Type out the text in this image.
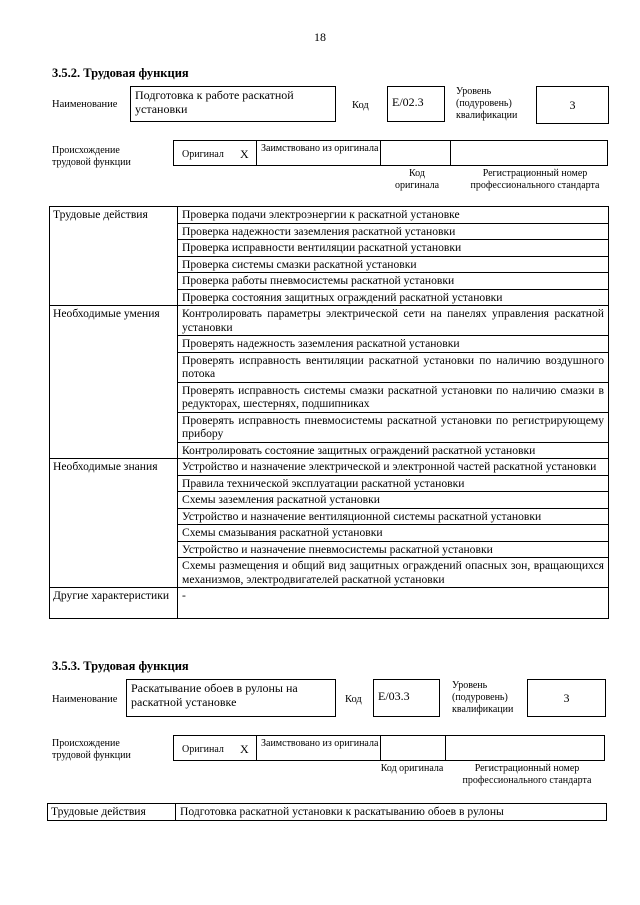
18
3.5.2. Трудовая функция
Наименование
Подготовка к работе раскатной установки	Код	E/02.3
Уровень (подуровень) квалификации
3
Происхождение трудовой функции
Оригинал X Заимствовано из оригинала
Код оригинала
Регистрационный номер профессионального стандарта
Трудовые действия	Проверка подачи электроэнергии к раскатной установке
	Проверка надежности заземления раскатной установки
	Проверка исправности вентиляции раскатной установки
	Проверка системы смазки раскатной установки
	Проверка работы пневмосистемы раскатной установки
	Проверка состояния защитных ограждений раскатной установки
Необходимые умения	Контролировать параметры электрической сети на панелях управления раскатной установки
	Проверять надежность заземления раскатной установки
	Проверять исправность вентиляции раскатной установки по наличию воздушного потока
	Проверять исправность системы смазки раскатной установки по наличию смазки в редукторах, шестернях, подшипниках
	Проверять исправность пневмосистемы раскатной установки по регистрирующему прибору
	Контролировать состояние защитных ограждений раскатной установки
Необходимые знания	Устройство и назначение электрической и электронной частей раскатной установки
	Правила технической эксплуатации раскатной установки
	Схемы заземления раскатной установки
	Устройство и назначение вентиляционной системы раскатной установки
	Схемы смазывания раскатной установки
	Устройство и назначение пневмосистемы раскатной установки
	Схемы размещения и общий вид защитных ограждений опасных зон, вращающихся механизмов, электродвигателей раскатной установки
Другие характеристики	-
3.5.3. Трудовая функция
Наименование
Раскатывание обоев в рулоны на раскатной установке	Код	E/03.3
Уровень (подуровень) квалификации
3
Происхождение трудовой функции
Оригинал X Заимствовано из оригинала
Код оригинала	Регистрационный номер профессионального стандарта
Трудовые действия	Подготовка раскатной установки к раскатыванию обоев в рулоны
